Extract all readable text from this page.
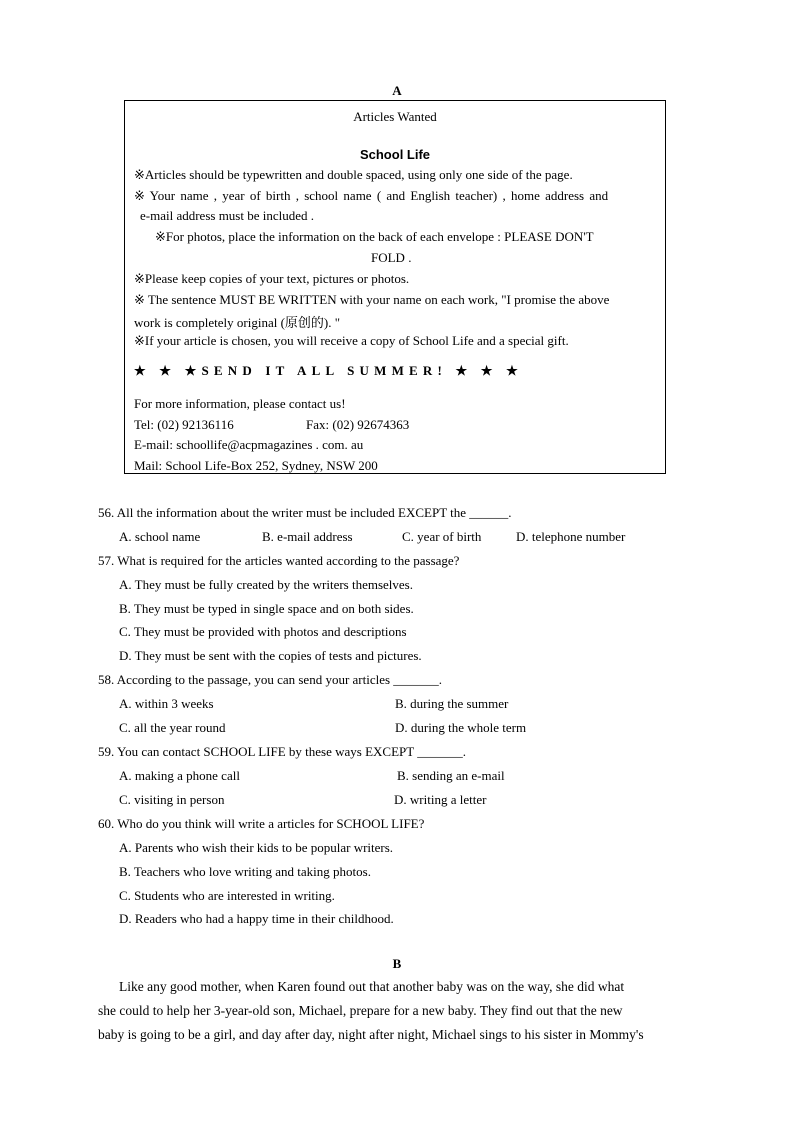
A
Articles Wanted
School Life
※Articles should be typewritten and double spaced, using only one side of the page.
※ Your name , year of birth , school name ( and English teacher) , home address and
e-mail address must be included .
※For photos, place the information on the back of each envelope : PLEASE DON'T
FOLD .
※Please keep copies of your text, pictures or photos.
※ The sentence MUST BE WRITTEN with your name on each work, "I promise the above
work is completely original (原创的). "
※If your article is chosen, you will receive a copy of School Life and a special gift.
★ ★ ★SEND IT ALL SUMMER! ★ ★ ★
For more information, please contact us!
Tel: (02) 92136116	Fax: (02) 92674363
E-mail: schoollife@acpmagazines . com. au
Mail: School Life-Box 252, Sydney, NSW 200
56. All the information about the writer must be included EXCEPT the ______.
A. school name	B. e-mail address	C. year of birth	D. telephone number
57. What is required for the articles wanted according to the passage?
A. They must be fully created by the writers themselves.
B. They must be typed in single space and on both sides.
C. They must be provided with photos and descriptions
D. They must be sent with the copies of tests and pictures.
58. According to the passage, you can send your articles _______.
A. within 3 weeks	B. during the summer
C. all the year round	D. during the whole term
59. You can contact SCHOOL LIFE by these ways EXCEPT _______.
A. making a phone call	B. sending an e-mail
C. visiting in person	D. writing a letter
60. Who do you think will write a articles for SCHOOL LIFE?
A. Parents who wish their kids to be popular writers.
B. Teachers who love writing and taking photos.
C. Students who are interested in writing.
D. Readers who had a happy time in their childhood.
B
Like any good mother, when Karen found out that another baby was on the way, she did what
she could to help her 3-year-old son, Michael, prepare for a new baby. They find out that the new
baby is going to be a girl, and day after day, night after night, Michael sings to his sister in Mommy's
